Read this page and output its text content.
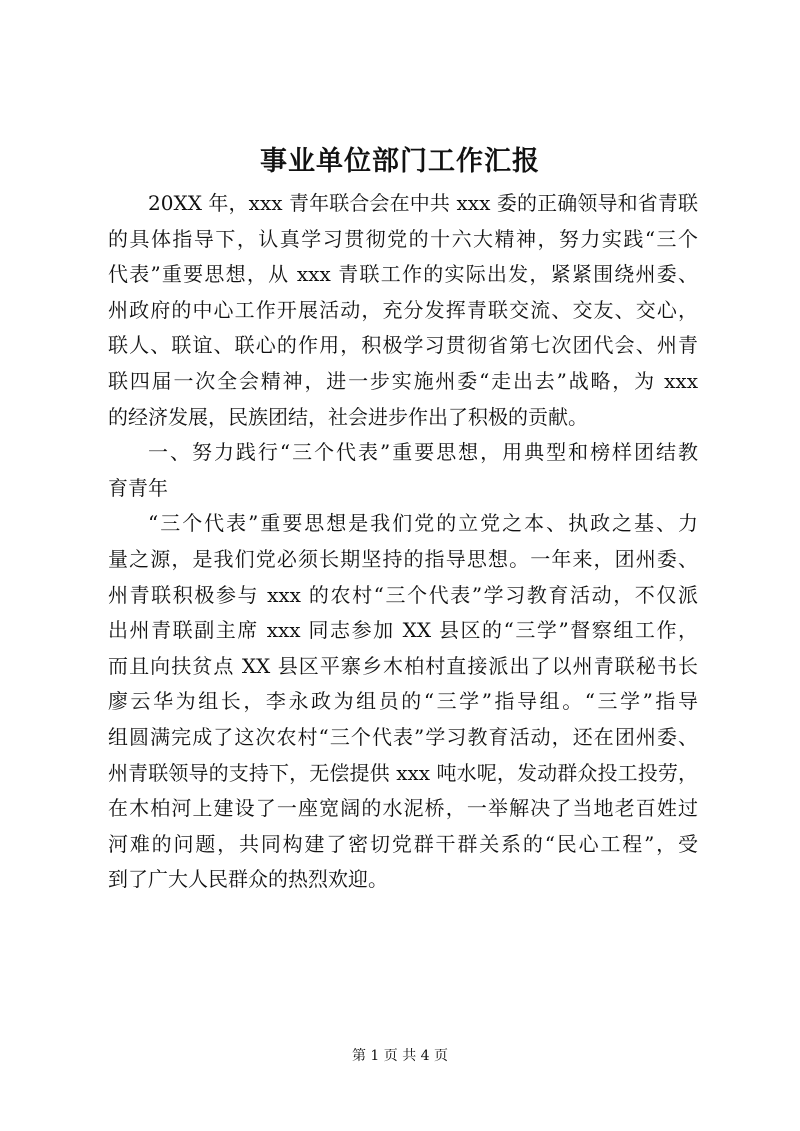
事业单位部门工作汇报
20XX 年，xxx 青年联合会在中共 xxx 委的正确领导和省青联
的具体指导下，认真学习贯彻党的十六大精神，努力实践“三个
代表”重要思想，从 xxx 青联工作的实际出发，紧紧围绕州委、
州政府的中心工作开展活动，充分发挥青联交流、交友、交心，
联人、联谊、联心的作用，积极学习贯彻省第七次团代会、州青
联四届一次全会精神，进一步实施州委“走出去”战略，为 xxx
的经济发展，民族团结，社会进步作出了积极的贡献。
一、努力践行“三个代表”重要思想，用典型和榜样团结教
育青年
“三个代表”重要思想是我们党的立党之本、执政之基、力
量之源，是我们党必须长期坚持的指导思想。一年来，团州委、
州青联积极参与 xxx 的农村“三个代表”学习教育活动，不仅派
出州青联副主席 xxx 同志参加 XX 县区的“三学”督察组工作，
而且向扶贫点 XX 县区平寨乡木柏村直接派出了以州青联秘书长
廖云华为组长，李永政为组员的“三学”指导组。“三学”指导
组圆满完成了这次农村“三个代表”学习教育活动，还在团州委、
州青联领导的支持下，无偿提供 xxx 吨水呢，发动群众投工投劳，
在木柏河上建设了一座宽阔的水泥桥，一举解决了当地老百姓过
河难的问题，共同构建了密切党群干群关系的“民心工程”，受
到了广大人民群众的热烈欢迎。
第 1 页 共 4 页
